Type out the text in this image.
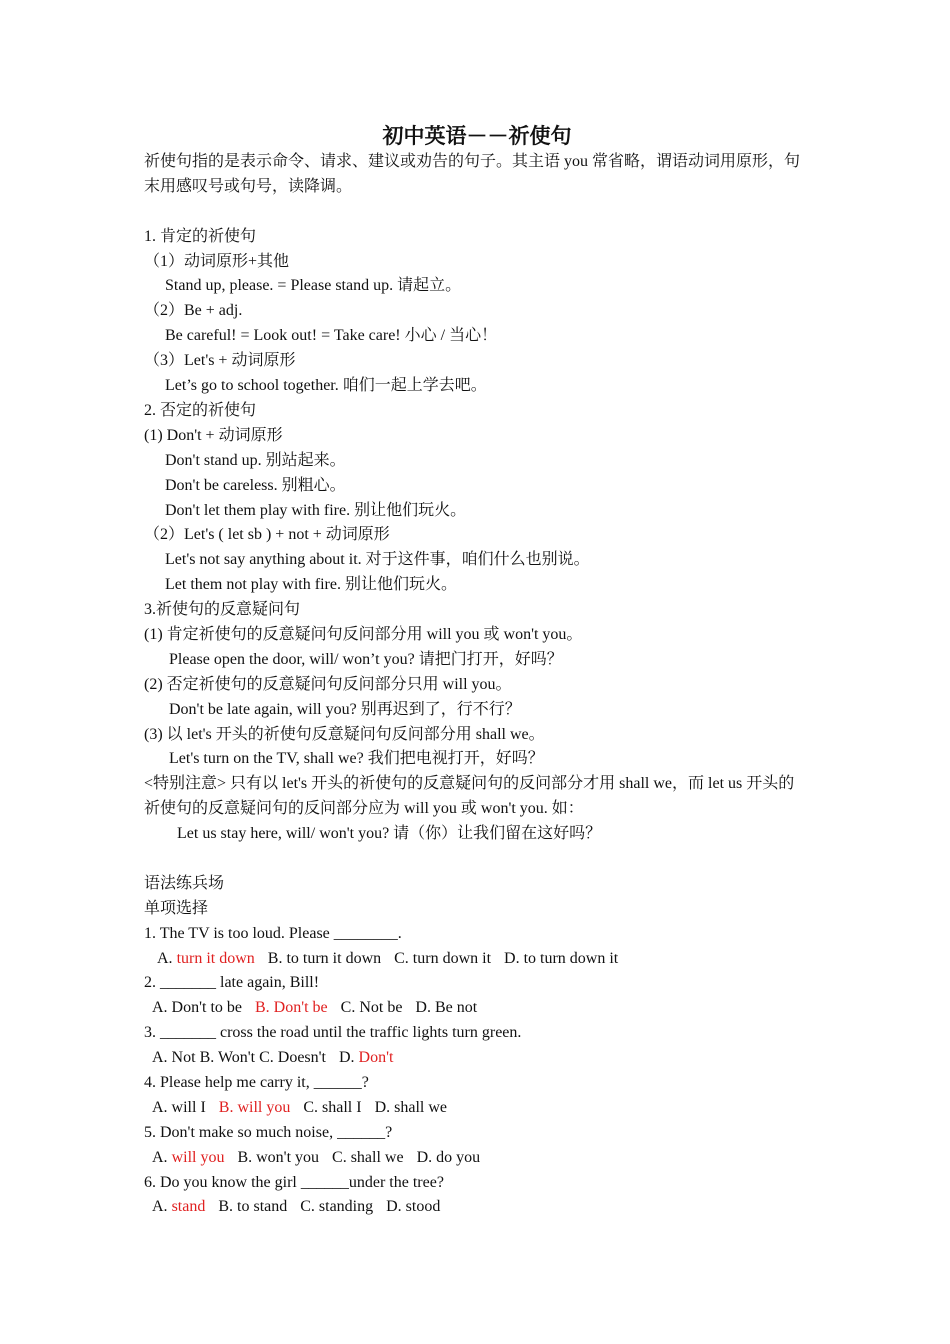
初中英语－－祈使句
祈使句指的是表示命令、请求、建议或劝告的句子。其主语 you 常省略，谓语动词用原形，句末用感叹号或句号，读降调。
1. 肯定的祈使句
（1）动词原形+其他
Stand up, please. = Please stand up. 请起立。
（2）Be + adj.
Be careful! = Look out! = Take care! 小心 / 当心！
（3）Let's + 动词原形
Let’s go to school together. 咱们一起上学去吧。
2. 否定的祈使句
(1) Don't + 动词原形
Don't stand up. 别站起来。
Don't be careless. 别粗心。
Don't let them play with fire. 别让他们玩火。
（2）Let's ( let sb ) + not + 动词原形
Let's not say anything about it. 对于这件事，咱们什么也别说。
Let them not play with fire. 别让他们玩火。
3.祈使句的反意疑问句
(1) 肯定祈使句的反意疑问句反问部分用 will you 或 won't you。
Please open the door, will/ won’t you? 请把门打开，好吗？
(2) 否定祈使句的反意疑问句反问部分只用 will you。
Don't be late again, will you? 别再迟到了，行不行？
(3) 以 let's 开头的祈使句反意疑问句反问部分用 shall we。
Let's turn on the TV, shall we? 我们把电视打开，好吗？
<特别注意> 只有以 let's 开头的祈使句的反意疑问句的反问部分才用 shall we，而 let us 开头的祈使句的反意疑问句的反问部分应为 will you 或 won't you. 如：
Let us stay here, will/ won't you? 请（你）让我们留在这好吗？
语法练兵场
单项选择
1. The TV is too loud. Please ________.
A. turn it down B. to turn it down C. turn down it D. to turn down it
2. _______ late again, Bill!
A. Don't to be B. Don't be C. Not be D. Be not
3. _______ cross the road until the traffic lights turn green.
A. Not B. Won't C. Doesn't D. Don't
4. Please help me carry it, ______?
A. will I B. will you C. shall I D. shall we
5. Don't make so much noise, ______?
A. will you B. won't you C. shall we D. do you
6. Do you know the girl ______under the tree?
A. stand B. to stand C. standing D. stood
